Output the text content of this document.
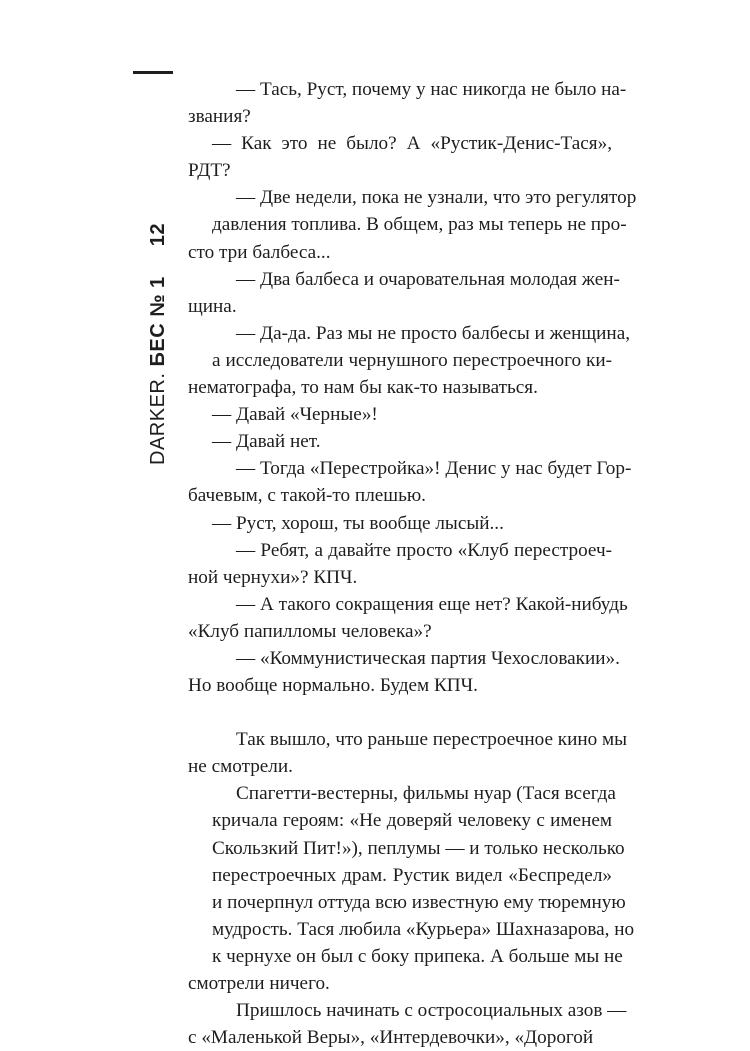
DARKER. БЕС № 1 12

— Тась, Руст, почему у нас никогда не было на-
звания?

— Как это не было? А «Рустик-Денис-Тася», РДТ?

— Две недели, пока не узнали, что это регулятор
давления топлива. В общем, раз мы теперь не про-
сто три балбеса...

— Два балбеса и очаровательная молодая жен-
щина.

— Да-да. Раз мы не просто балбесы и женщина,
а исследователи чернушного перестроечного ки-
нематографа, то нам бы как-то называться.

— Давай «Черные»!

— Давай нет.

— Тогда «Перестройка»! Денис у нас будет Гор-
бачевым, с такой-то плешью.

— Руст, хорош, ты вообще лысый...

— Ребят, а давайте просто «Клуб перестроеч-
ной чернухи»? КПЧ.

— А такого сокращения еще нет? Какой-нибудь
«Клуб папилломы человека»?

— «Коммунистическая партия Чехословакии».
Но вообще нормально. Будем КПЧ.

Так вышло, что раньше перестроечное кино мы
не смотрели.

Спагетти-вестерны, фильмы нуар (Тася всегда
кричала героям: «Не доверяй человеку с именем
Скользкий Пит!»), пеплумы — и только несколько
перестроечных драм. Рустик видел «Беспредел»
и почерпнул оттуда всю известную ему тюремную
мудрость. Тася любила «Курьера» Шахназарова, но
к чернухе он был с боку припека. А больше мы не
смотрели ничего.

Пришлось начинать с остросоциальных азов —
с «Маленькой Веры», «Интердевочки», «Дорогой
